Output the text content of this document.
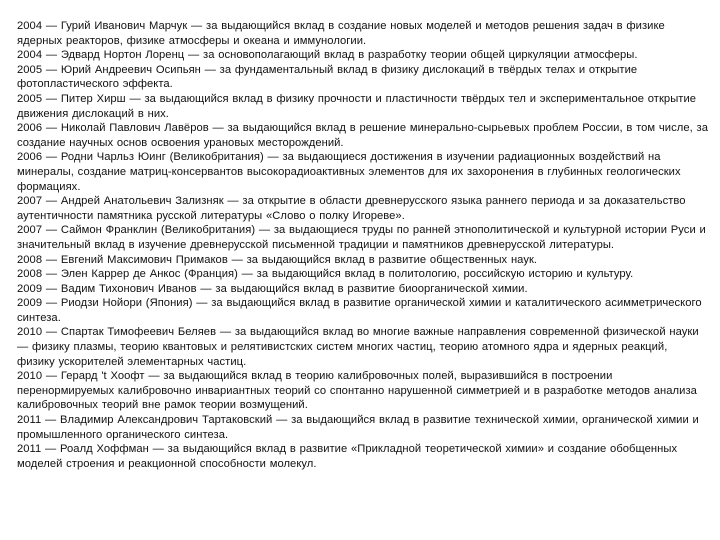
2004 — Гурий Иванович Марчук — за выдающийся вклад в создание новых моделей и методов решения задач в физике ядерных реакторов, физике атмосферы и океана и иммунологии.

2004 — Эдвард Нортон Лоренц — за основополагающий вклад в разработку теории общей циркуляции атмосферы.

2005 — Юрий Андреевич Осипьян — за фундаментальный вклад в физику дислокаций в твёрдых телах и открытие фотопластического эффекта.

2005 — Питер Хирш — за выдающийся вклад в физику прочности и пластичности твёрдых тел и экспериментальное открытие движения дислокаций в них.

2006 — Николай Павлович Лавёров — за выдающийся вклад в решение минерально-сырьевых проблем России, в том числе, за создание научных основ освоения урановых месторождений.

2006 — Родни Чарльз Юинг (Великобритания) — за выдающиеся достижения в изучении радиационных воздействий на минералы, создание матриц-консервантов высокорадиоактивных элементов для их захоронения в глубинных геологических формациях.

2007 — Андрей Анатольевич Зализняк — за открытие в области древнерусского языка раннего периода и за доказательство аутентичности памятника русской литературы «Слово о полку Игореве».

2007 — Саймон Франклин (Великобритания) — за выдающиеся труды по ранней этнополитической и культурной истории Руси и значительный вклад в изучение древнерусской письменной традиции и памятников древнерусской литературы.

2008 — Евгений Максимович Примаков — за выдающийся вклад в развитие общественных наук.

2008 — Элен Каррер де Анкос (Франция) — за выдающийся вклад в политологию, российскую историю и культуру.

2009 — Вадим Тихонович Иванов — за выдающийся вклад в развитие биоорганической химии.

2009 — Риодзи Нойори (Япония) — за выдающийся вклад в развитие органической химии и каталитического асимметрического синтеза.

2010 — Спартак Тимофеевич Беляев — за выдающийся вклад во многие важные направления современной физической науки — физику плазмы, теорию квантовых и релятивистских систем многих частиц, теорию атомного ядра и ядерных реакций, физику ускорителей элементарных частиц.

2010 — Герард 't Хоофт — за выдающийся вклад в теорию калибровочных полей, выразившийся в построении перенормируемых калибровочно инвариантных теорий со спонтанно нарушенной симметрией и в разработке методов анализа калибровочных теорий вне рамок теории возмущений.

2011 — Владимир Александрович Тартаковский — за выдающийся вклад в развитие технической химии, органической химии и промышленного органического синтеза.

2011 — Роалд Хоффман — за выдающийся вклад в развитие «Прикладной теоретической химии» и создание обобщенных моделей строения и реакционной способности молекул.
